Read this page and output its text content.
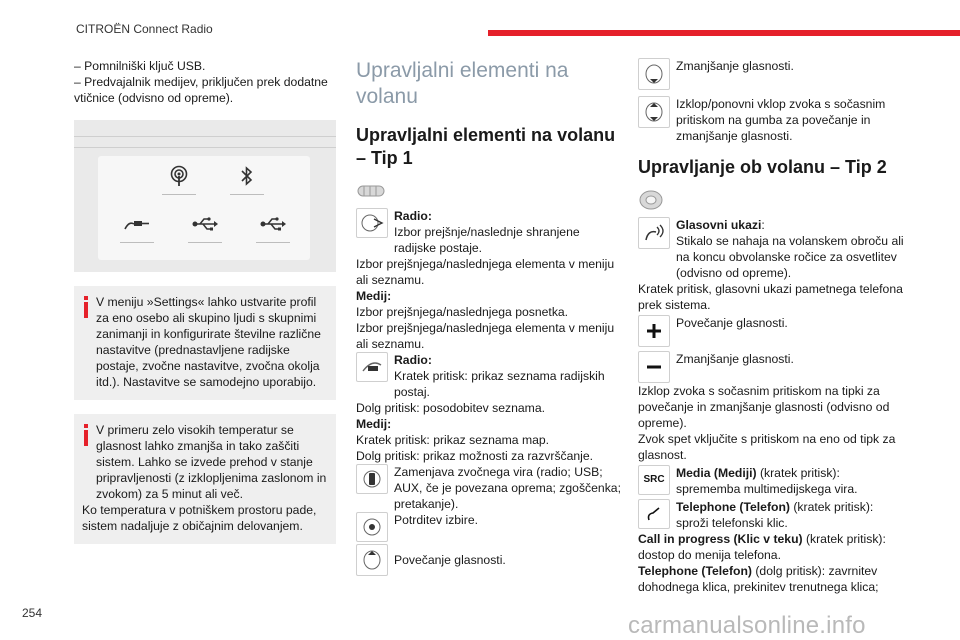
CITROËN Connect Radio

– Pomnilniški ključ USB.

– Predvajalnik medijev, priključen prek dodatne vtičnice (odvisno od opreme).

V meniju »Settings« lahko ustvarite profil za eno osebo ali skupino ljudi s skupnimi zanimanji in konfigurirate številne različne nastavitve (prednastavljene radijske postaje, zvočne nastavitve, zvočna okolja itd.). Nastavitve se samodejno uporabijo.

V primeru zelo visokih temperatur se glasnost lahko zmanjša in tako zaščiti sistem. Lahko se izvede prehod v stanje pripravljenosti (z izklopljenima zaslonom in zvokom) za 5 minut ali več.

Ko temperatura v potniškem prostoru pade, sistem nadaljuje z običajnim delovanjem.

Upravljalni elementi na volanu
Upravljalni elementi na volanu – Tip 1

Radio:

Izbor prejšnje/naslednje shranjene radijske postaje.

Izbor prejšnjega/naslednjega elementa v meniju ali seznamu.

Medij:

Izbor prejšnjega/naslednjega posnetka.

Izbor prejšnjega/naslednjega elementa v meniju ali seznamu.

Radio:

Kratek pritisk: prikaz seznama radijskih postaj.

Dolg pritisk: posodobitev seznama.

Medij:

Kratek pritisk: prikaz seznama map.

Dolg pritisk: prikaz možnosti za razvrščanje.

Zamenjava zvočnega vira (radio; USB; AUX, če je povezana oprema; zgoščenka; pretakanje).

Potrditev izbire.

Povečanje glasnosti.

Zmanjšanje glasnosti.

Izklop/ponovni vklop zvoka s sočasnim pritiskom na gumba za povečanje in zmanjšanje glasnosti.

Upravljanje ob volanu – Tip 2

Glasovni ukazi:

Stikalo se nahaja na volanskem obroču ali na koncu obvolanske ročice za osvetlitev (odvisno od opreme).

Kratek pritisk, glasovni ukazi pametnega telefona prek sistema.

Povečanje glasnosti.

Zmanjšanje glasnosti.

Izklop zvoka s sočasnim pritiskom na tipki za povečanje in zmanjšanje glasnosti (odvisno od opreme).

Zvok spet vključite s pritiskom na eno od tipk za glasnost.

SRC Media (Mediji) (kratek pritisk): sprememba multimedijskega vira.

Telephone (Telefon) (kratek pritisk): sproži telefonski klic.

Call in progress (Klic v teku) (kratek pritisk): dostop do menija telefona.

Telephone (Telefon) (dolg pritisk): zavrnitev dohodnega klica, prekinitev trenutnega klica;

254	carmanualsonline.info
